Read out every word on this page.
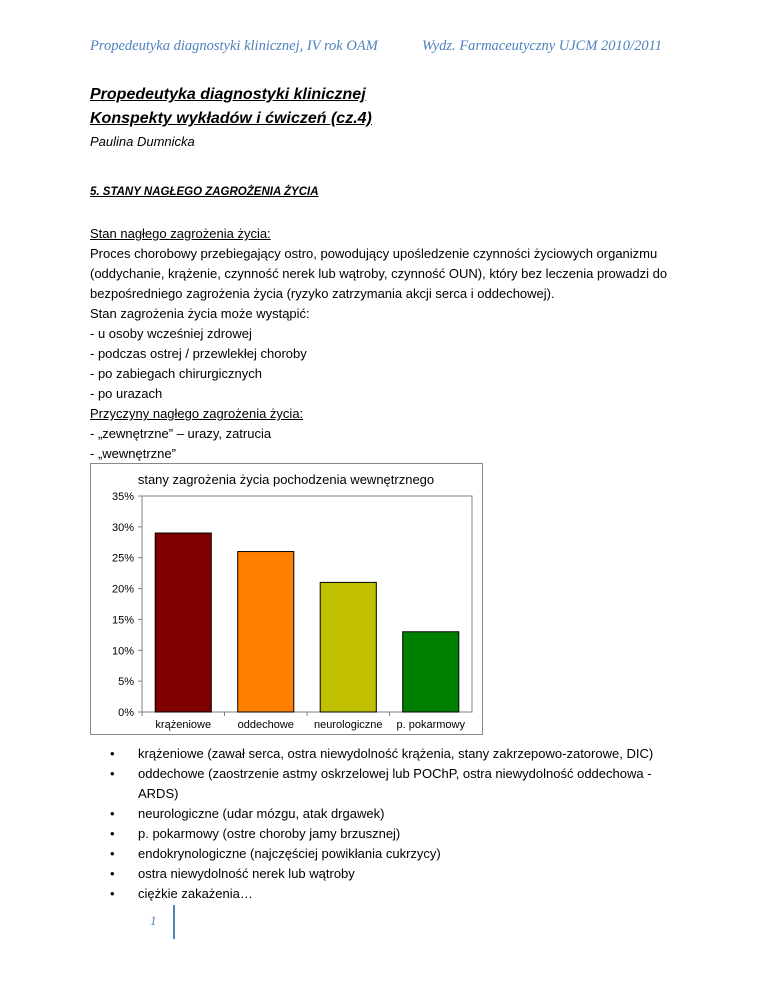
Propedeutyka diagnostyki klinicznej, IV rok OAM	Wydz. Farmaceutyczny UJCM 2010/2011
Propedeutyka diagnostyki klinicznej
Konspekty wykładów i ćwiczeń (cz.4)
Paulina Dumnicka
5. STANY NAGŁEGO ZAGROŻENIA ŻYCIA

Stan nagłego zagrożenia życia:

Proces chorobowy przebiegający ostro, powodujący upośledzenie czynności życiowych organizmu

(oddychanie, krążenie, czynność nerek lub wątroby, czynność OUN), który bez leczenia prowadzi do

bezpośredniego zagrożenia życia (ryzyko zatrzymania akcji serca i oddechowej).

Stan zagrożenia życia może wystąpić:

- u osoby wcześniej zdrowej

- podczas ostrej / przewlekłej choroby

- po zabiegach chirurgicznych

- po urazach

Przyczyny nagłego zagrożenia życia:

- „zewnętrzne” – urazy, zatrucia

- „wewnętrzne”

stany zagrożenia życia pochodzenia wewnętrznego
0%
5%
10%
15%
20%
25%
30%
35%
krążeniowe oddechowe neurologiczne p. pokarmowy
• krążeniowe (zawał serca, ostra niewydolność krążenia, stany zakrzepowo-zatorowe, DIC)
• oddechowe (zaostrzenie astmy oskrzelowej lub POChP, ostra niewydolność oddechowa - ARDS)
• neurologiczne (udar mózgu, atak drgawek)
• p. pokarmowy (ostre choroby jamy brzusznej)
• endokrynologiczne (najczęściej powikłania cukrzycy)
• ostra niewydolność nerek lub wątroby
• ciężkie zakażenia…
1
